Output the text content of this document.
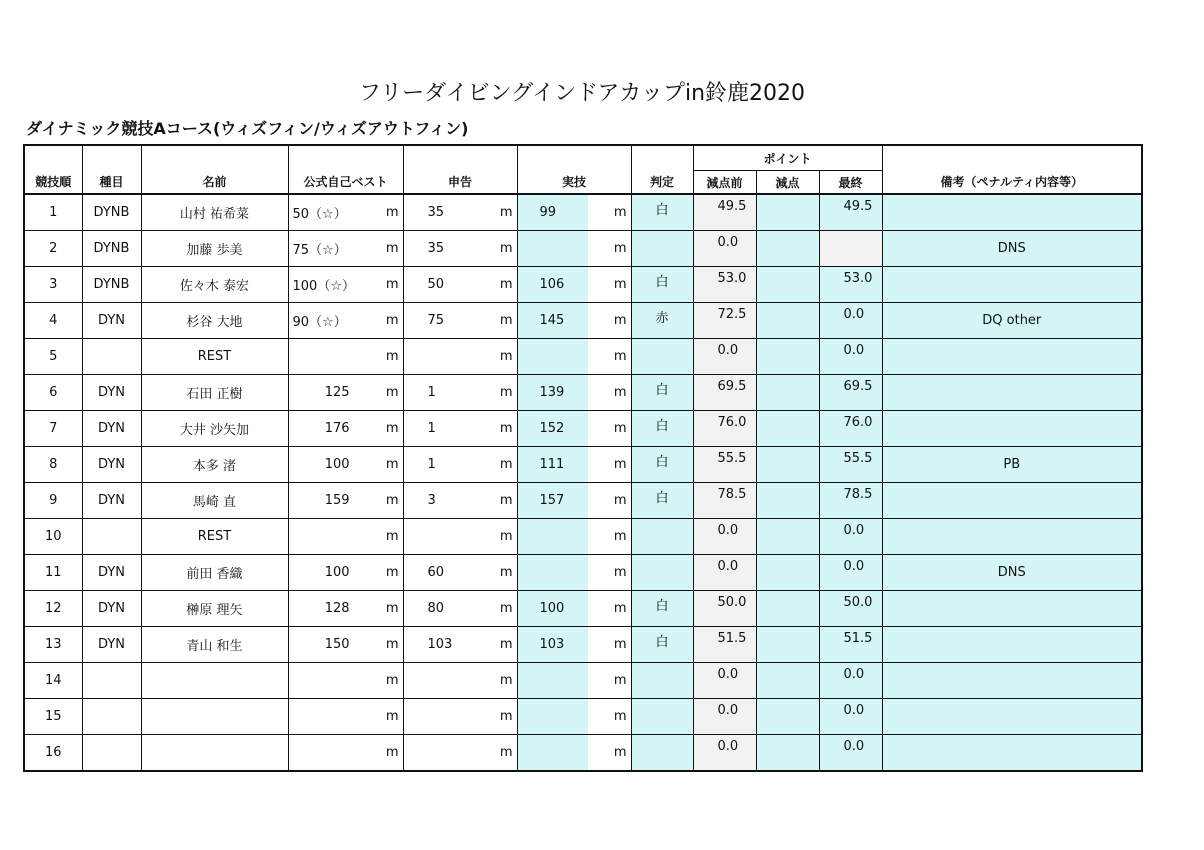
フリーダイビングインドアカップin鈴鹿2020
ダイナミック競技Aコース(ウィズフィン/ウィズアウトフィン)
							ポイント			
競技順	種目	名前	公式自己ベスト	申告	実技	判定	減点前	減点	最終	備考（ペナルティ内容等）
1	DYNB	山村 祐希菜	50（☆） m	35 m	99 m	白	49.5		49.5	
2	DYNB	加藤 歩美	75（☆） m	35 m	m		0.0			DNS
3	DYNB	佐々木 泰宏	100（☆） m	50 m	106 m	白	53.0		53.0	
4	DYN	杉谷 大地	90（☆） m	75 m	145 m	赤	72.5		0.0	DQ other
5		REST	m	m	m		0.0		0.0	
6	DYN	石田 正樹	125 m	1 m	139 m	白	69.5		69.5	
7	DYN	大井 沙矢加	176 m	1 m	152 m	白	76.0		76.0	
8	DYN	本多 渚	100 m	1 m	111 m	白	55.5		55.5	PB
9	DYN	馬崎 直	159 m	3 m	157 m	白	78.5		78.5	
10		REST	m	m	m		0.0		0.0	
11	DYN	前田 香織	100 m	60 m	m		0.0		0.0	DNS
12	DYN	榊原 理矢	128 m	80 m	100 m	白	50.0		50.0	
13	DYN	青山 和生	150 m	103 m	103 m	白	51.5		51.5	
14			m	m	m		0.0		0.0	
15			m	m	m		0.0		0.0	
16			m	m	m		0.0		0.0	
